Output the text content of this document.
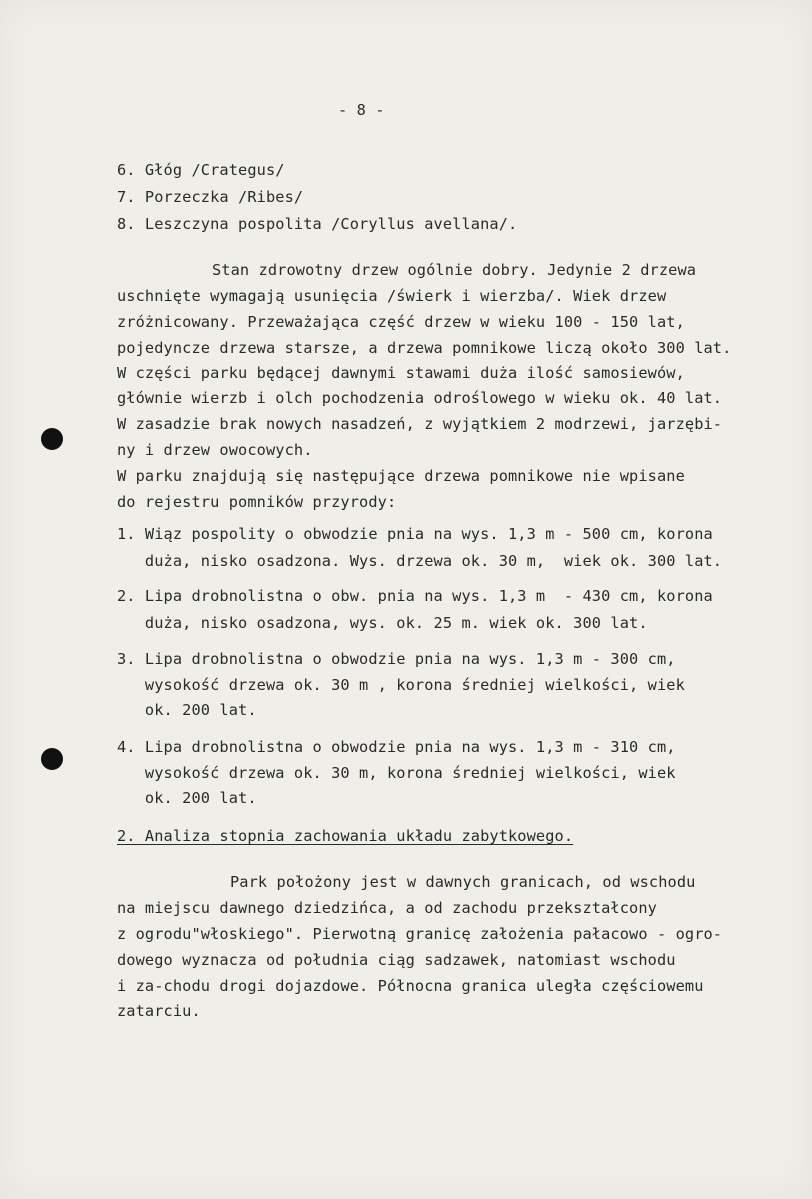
- 8 -
6. Głóg /Crategus/
7. Porzeczka /Ribes/
8. Leszczyna pospolita /Coryllus avellana/.
Stan zdrowotny drzew ogólnie dobry. Jedynie 2 drzewa
uschnięte wymagają usunięcia /świerk i wierzba/. Wiek drzew
zróżnicowany. Przeważająca część drzew w wieku 100 - 150 lat,
pojedyncze drzewa starsze, a drzewa pomnikowe liczą około 300 lat.
W części parku będącej dawnymi stawami duża ilość samosiewów,
głównie wierzb i olch pochodzenia odroślowego w wieku ok. 40 lat.
W zasadzie brak nowych nasadzeń, z wyjątkiem 2 modrzewi, jarzębi-
ny i drzew owocowych.
W parku znajdują się następujące drzewa pomnikowe nie wpisane
do rejestru pomników przyrody:
1. Wiąz pospolity o obwodzie pnia na wys. 1,3 m - 500 cm, korona
duża, nisko osadzona. Wys. drzewa ok. 30 m,  wiek ok. 300 lat.
2. Lipa drobnolistna o obw. pnia na wys. 1,3 m  - 430 cm, korona
duża, nisko osadzona, wys. ok. 25 m. wiek ok. 300 lat.
3. Lipa drobnolistna o obwodzie pnia na wys. 1,3 m - 300 cm,
wysokość drzewa ok. 30 m , korona średniej wielkości, wiek
ok. 200 lat.
4. Lipa drobnolistna o obwodzie pnia na wys. 1,3 m - 310 cm,
wysokość drzewa ok. 30 m, korona średniej wielkości, wiek
ok. 200 lat.
2. Analiza stopnia zachowania układu zabytkowego.
Park położony jest w dawnych granicach, od wschodu
na miejscu dawnego dziedzińca, a od zachodu przekształcony
z ogrodu"włoskiego". Pierwotną granicę założenia pałacowo - ogro-
dowego wyznacza od południa ciąg sadzawek, natomiast wschodu
i za-chodu drogi dojazdowe. Północna granica uległa częściowemu
zatarciu.
